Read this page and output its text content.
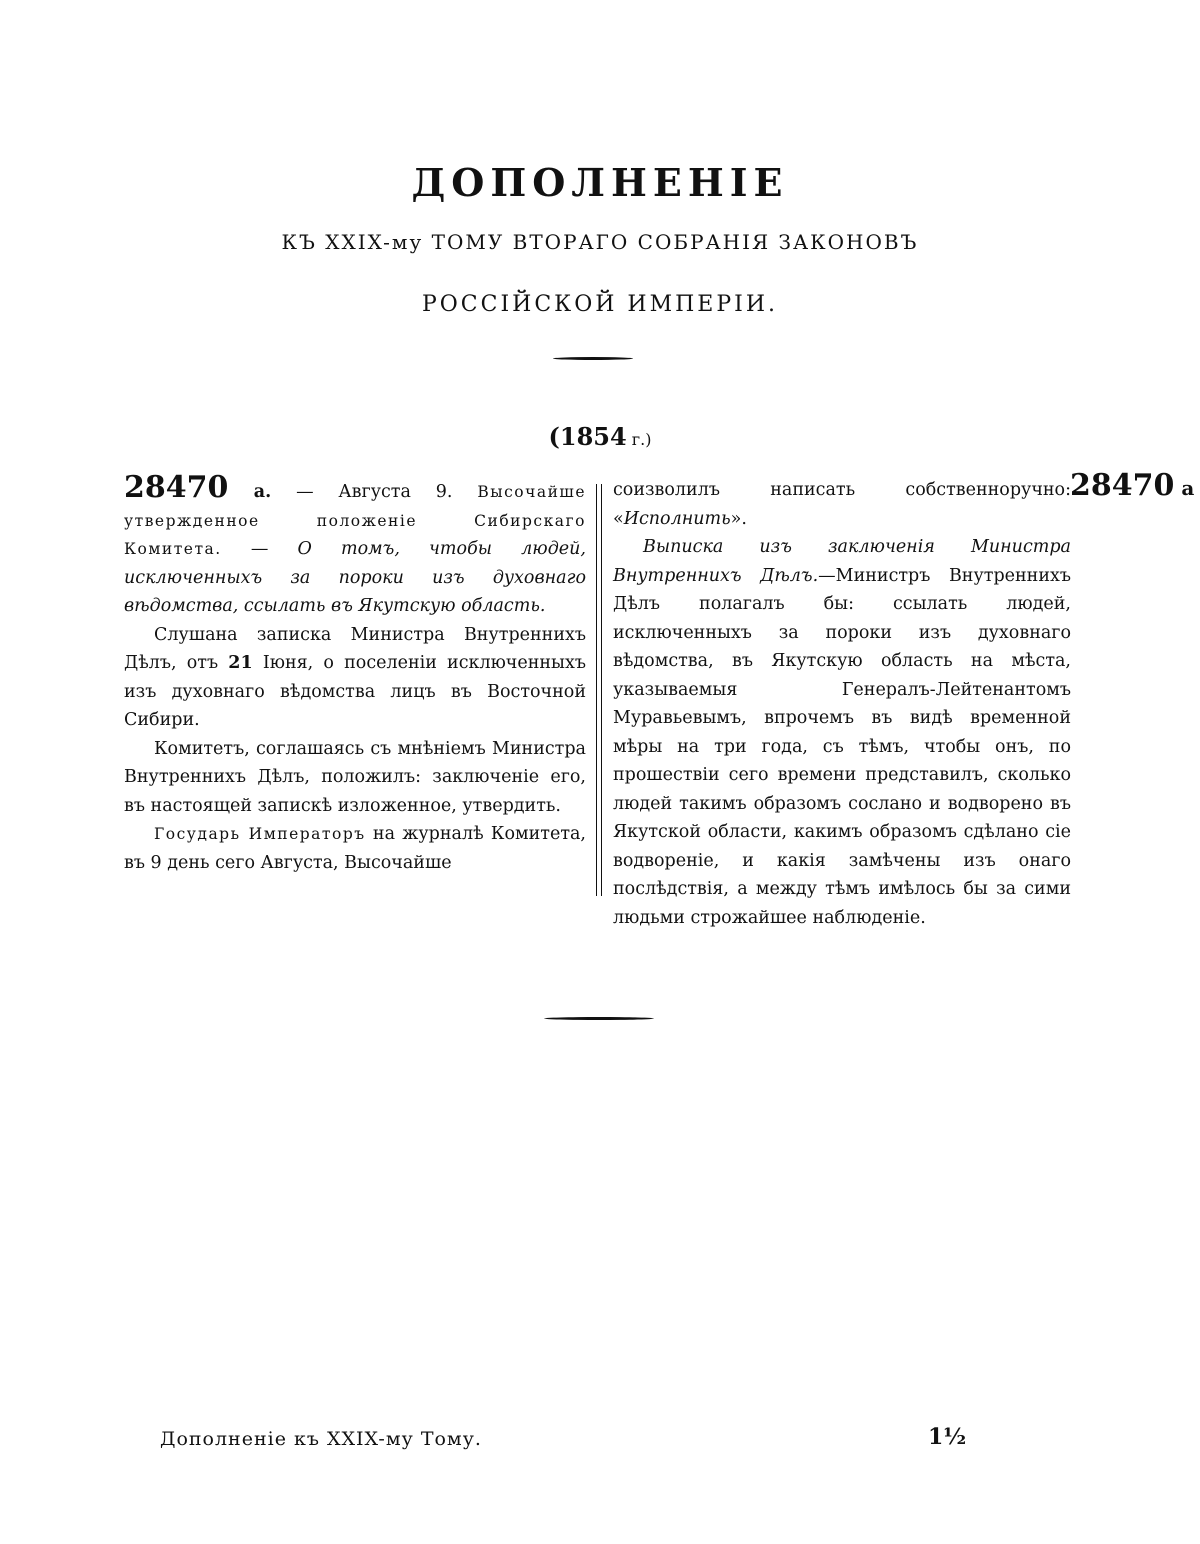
ДОПОЛНЕНІЕ
КЪ XXIX-му ТОМУ ВТОРАГО СОБРАНІЯ ЗАКОНОВЪ
РОССІЙСКОЙ ИМПЕРІИ.
(1854 г.)

28470 а. — Августа 9. Высочайше утвержденное положеніе Сибирскаго Комитета. — О томъ, чтобы людей, исключенныхъ за пороки изъ духовнаго вѣдомства, ссылать въ Якутскую область.

Слушана записка Министра Внутреннихъ Дѣлъ, отъ 21 Іюня, о поселеніи исключенныхъ изъ духовнаго вѣдомства лицъ въ Восточной Сибири.

Комитетъ, соглашаясь съ мнѣніемъ Министра Внутреннихъ Дѣлъ, положилъ: заключеніе его, въ настоящей запискѣ изложенное, утвердить.

Государь Императоръ на журналѣ Комитета, въ 9 день сего Августа, Высочайше

соизволилъ написать собственноручно: «Исполнить».

Выписка изъ заключенія Министра Внутреннихъ Дѣлъ.—Министръ Внутреннихъ Дѣлъ полагалъ бы: ссылать людей, исключенныхъ за пороки изъ духовнаго вѣдомства, въ Якутскую область на мѣста, указываемыя Генералъ-Лейтенантомъ Муравьевымъ, впрочемъ въ видѣ временной мѣры на три года, съ тѣмъ, чтобы онъ, по прошествіи сего времени представилъ, сколько людей такимъ образомъ сослано и водворено въ Якутской области, какимъ образомъ сдѣлано сіе водвореніе, и какія замѣчены изъ онаго послѣдствія, а между тѣмъ имѣлось бы за сими людьми строжайшее наблюденіе.

28470 а
Дополненіе къ XXIX-му Тому.	1½
